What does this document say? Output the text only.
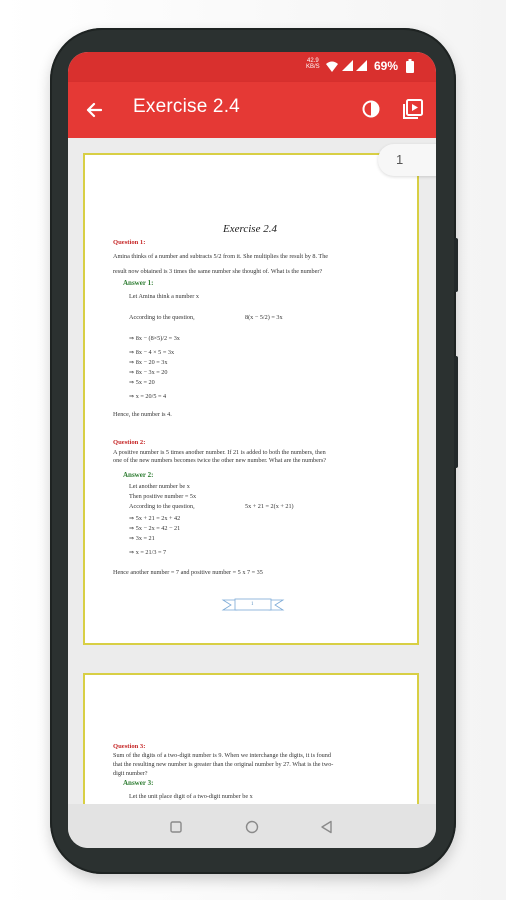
42.9
KB/S	69%
Exercise 2.4
Exercise 2.4
Question 1:
Amina thinks of a number and subtracts 5/2 from it. She multiplies the result by 8. The
result now obtained is 3 times the same number she thought of. What is the number?
Answer 1:
Let Amina think a number x
According to the question,	8(x − 5/2) = 3x
⇒ 8x − (8×5)/2 = 3x
⇒ 8x − 4 × 5 = 3x
⇒ 8x − 20 = 3x
⇒ 8x − 3x = 20
⇒ 5x = 20
⇒ x = 20/5 = 4
Hence, the number is 4.
Question 2:
A positive number is 5 times another number. If 21 is added to both the numbers, then
one of the new numbers becomes twice the other new number. What are the numbers?
Answer 2:
Let another number be x
Then positive number = 5x
According to the question,	5x + 21 = 2(x + 21)
⇒ 5x + 21 = 2x + 42
⇒ 5x − 2x = 42 − 21
⇒ 3x = 21
⇒ x = 21/3 = 7
Hence another number = 7 and positive number = 5 x 7 = 35
1
Question 3:
Sum of the digits of a two-digit number is 9. When we interchange the digits, it is found
that the resulting new number is greater than the original number by 27. What is the two-
digit number?
Answer 3:
Let the unit place digit of a two-digit number be x
1
